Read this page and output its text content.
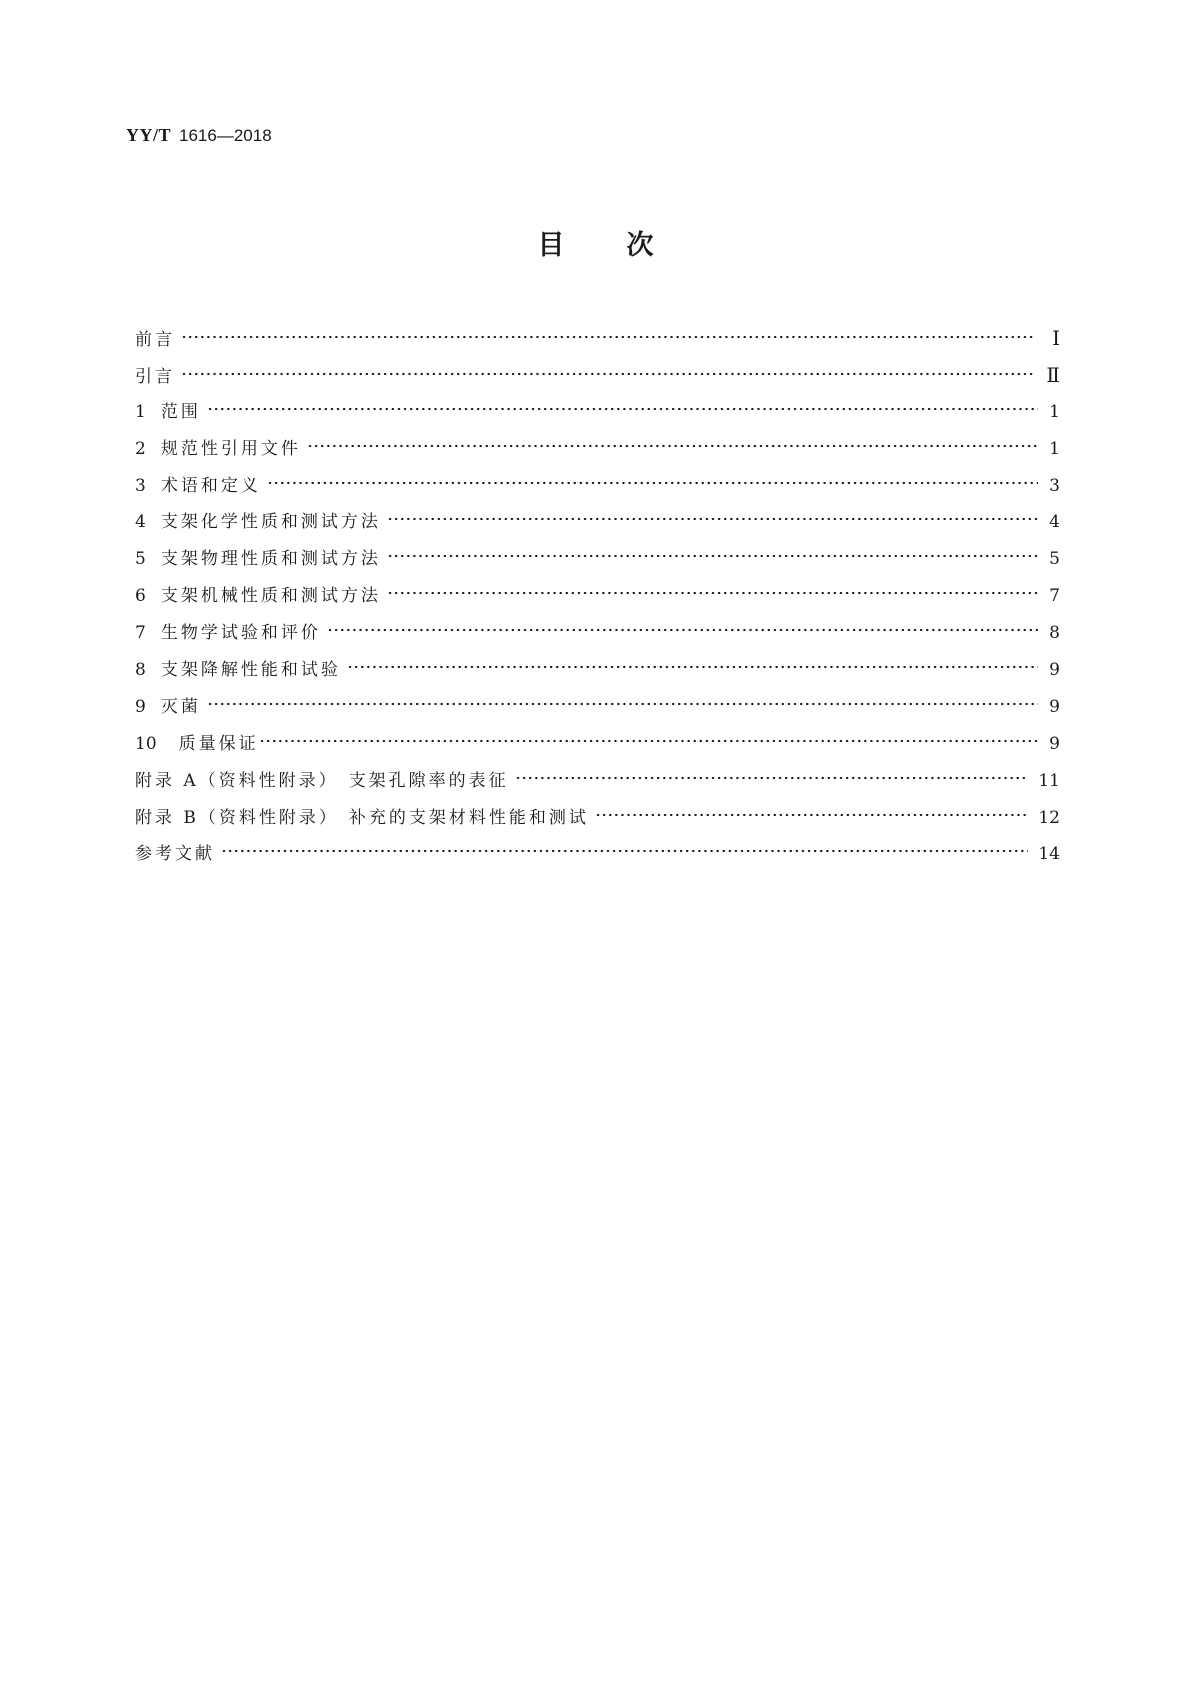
YY/T 1616—2018
目 次
前言	Ⅰ
引言	Ⅱ
1 范围	1
2 规范性引用文件	1
3 术语和定义	3
4 支架化学性质和测试方法	4
5 支架物理性质和测试方法	5
6 支架机械性质和测试方法	7
7 生物学试验和评价	8
8 支架降解性能和试验	9
9 灭菌	9
10 质量保证	9
附录 A（资料性附录） 支架孔隙率的表征	11
附录 B（资料性附录） 补充的支架材料性能和测试	12
参考文献	14
